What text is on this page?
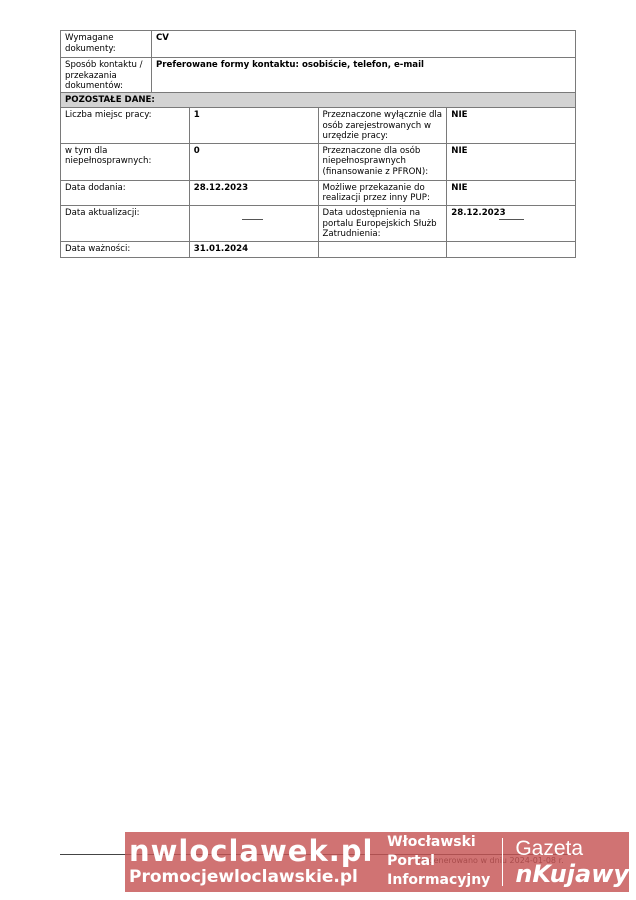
Wymagane dokumenty:	CV
Sposób kontaktu / przekazania dokumentów:	Preferowane formy kontaktu: osobiście, telefon, e-mail
POZOSTAŁE DANE:			
Liczba miejsc pracy:	1	Przeznaczone wyłącznie dla osób zarejestrowanych w urzędzie pracy:	NIE
w tym dla niepełnosprawnych:	0	Przeznaczone dla osób niepełnosprawnych (finansowanie z PFRON):	NIE
Data dodania:	28.12.2023	Możliwe przekazanie do realizacji przez inny PUP:	NIE
Data aktualizacji:		Data udostępnienia na portalu Europejskich Służb Zatrudnienia:	28.12.2023
Data ważności:	31.01.2024		
nwloclawek.pl
Promocjewloclawskie.pl
Włocławski Portal Informacyjny
Gazeta
nKujawy
